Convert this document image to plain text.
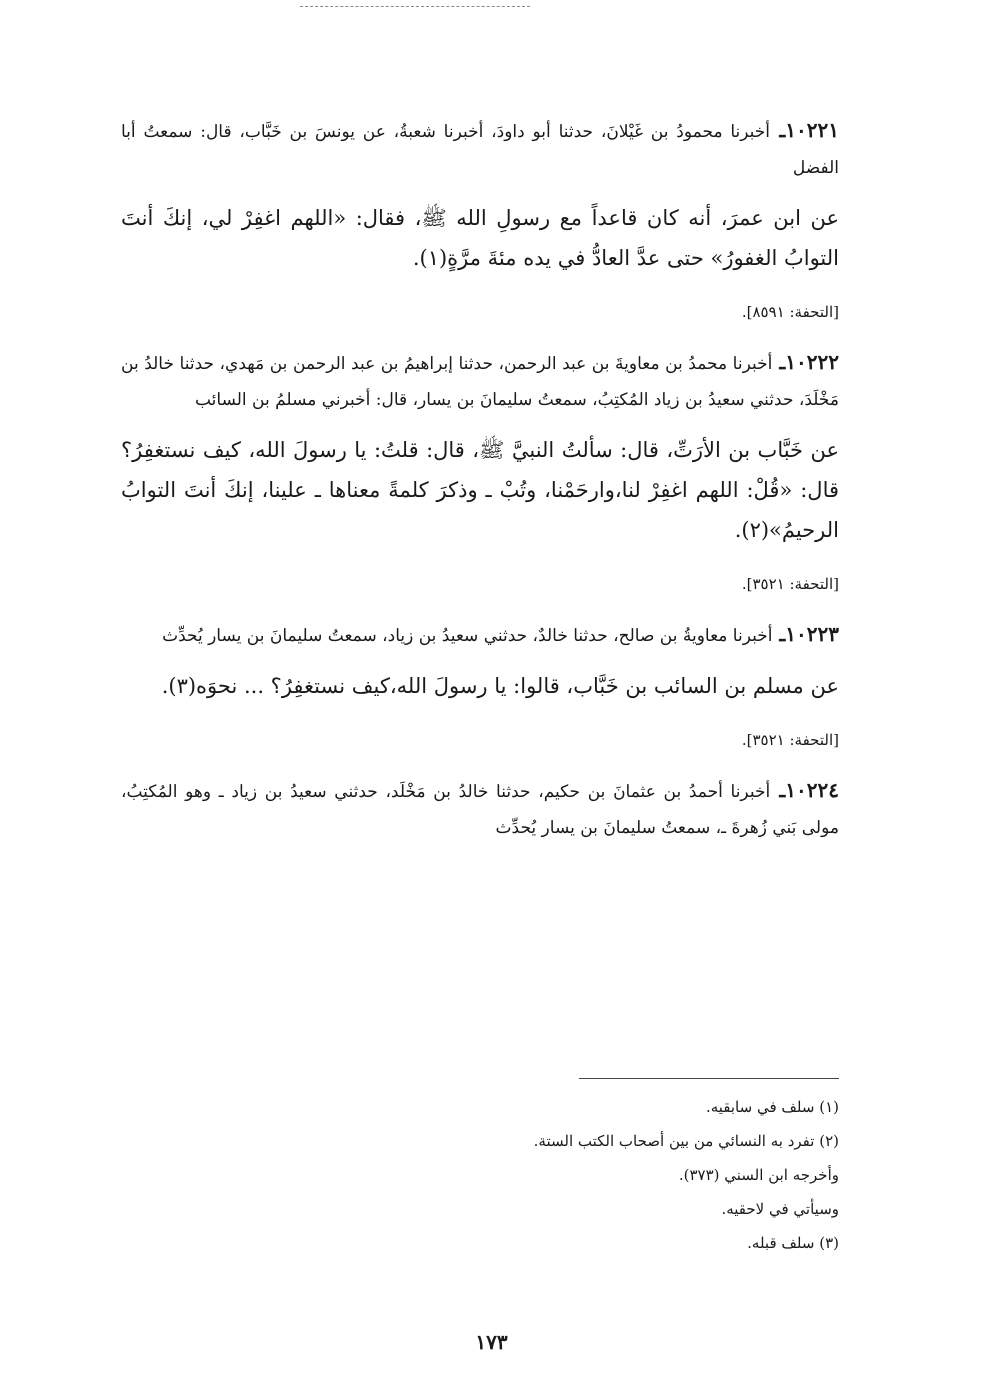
١٠٢٢١ـ أخبرنا محمودُ بن غَيْلانَ، حدثنا أبو داودَ، أخبرنا شعبةُ، عن يونسَ بن خَبَّاب، قال: سمعتُ أبا الفضل

عن ابن عمرَ، أنه كان قاعداً مع رسولِ الله ﷺ، فقال: «اللهم اغفِرْ لي، إنكَ أنتَ التوابُ الغفورُ» حتى عدَّ العادُّ في يده مئةَ مرَّةٍ(١).

[التحفة: ٨٥٩١].

١٠٢٢٢ـ أخبرنا محمدُ بن معاويةَ بن عبد الرحمن، حدثنا إبراهيمُ بن عبد الرحمن بن مَهدي، حدثنا خالدُ بن مَخْلَدَ، حدثني سعيدُ بن زياد المُكتِبُ، سمعتُ سليمانَ بن يسار، قال: أخبرني مسلمُ بن السائب

عن خَبَّاب بن الأرَتِّ، قال: سألتُ النبيَّ ﷺ، قال: قلتُ: يا رسولَ الله، كيف نستغفِرُ؟ قال: «قُلْ: اللهم اغفِرْ لنا،وارحَمْنا، وتُبْ ـ وذكرَ كلمةً معناها ـ علينا، إنكَ أنتَ التوابُ الرحيمُ»(٢).

[التحفة: ٣٥٢١].

١٠٢٢٣ـ أخبرنا معاويةُ بن صالح، حدثنا خالدٌ، حدثني سعيدُ بن زياد، سمعتُ سليمانَ بن يسار يُحدِّث

عن مسلم بن السائب بن خَبَّاب، قالوا: يا رسولَ الله،كيف نستغفِرُ؟ ... نحوَه(٣).

[التحفة: ٣٥٢١].

١٠٢٢٤ـ أخبرنا أحمدُ بن عثمانَ بن حكيم، حدثنا خالدُ بن مَخْلَد، حدثني سعيدُ بن زياد ـ وهو المُكتِبُ، مولى بَني زُهرةَ ـ، سمعتُ سليمانَ بن يسار يُحدِّث

(١) سلف في سابقيه.
(٢) تفرد به النسائي من بين أصحاب الكتب الستة.
وأخرجه ابن السني (٣٧٣).
وسيأتي في لاحقيه.
(٣) سلف قبله.
١٧٣
